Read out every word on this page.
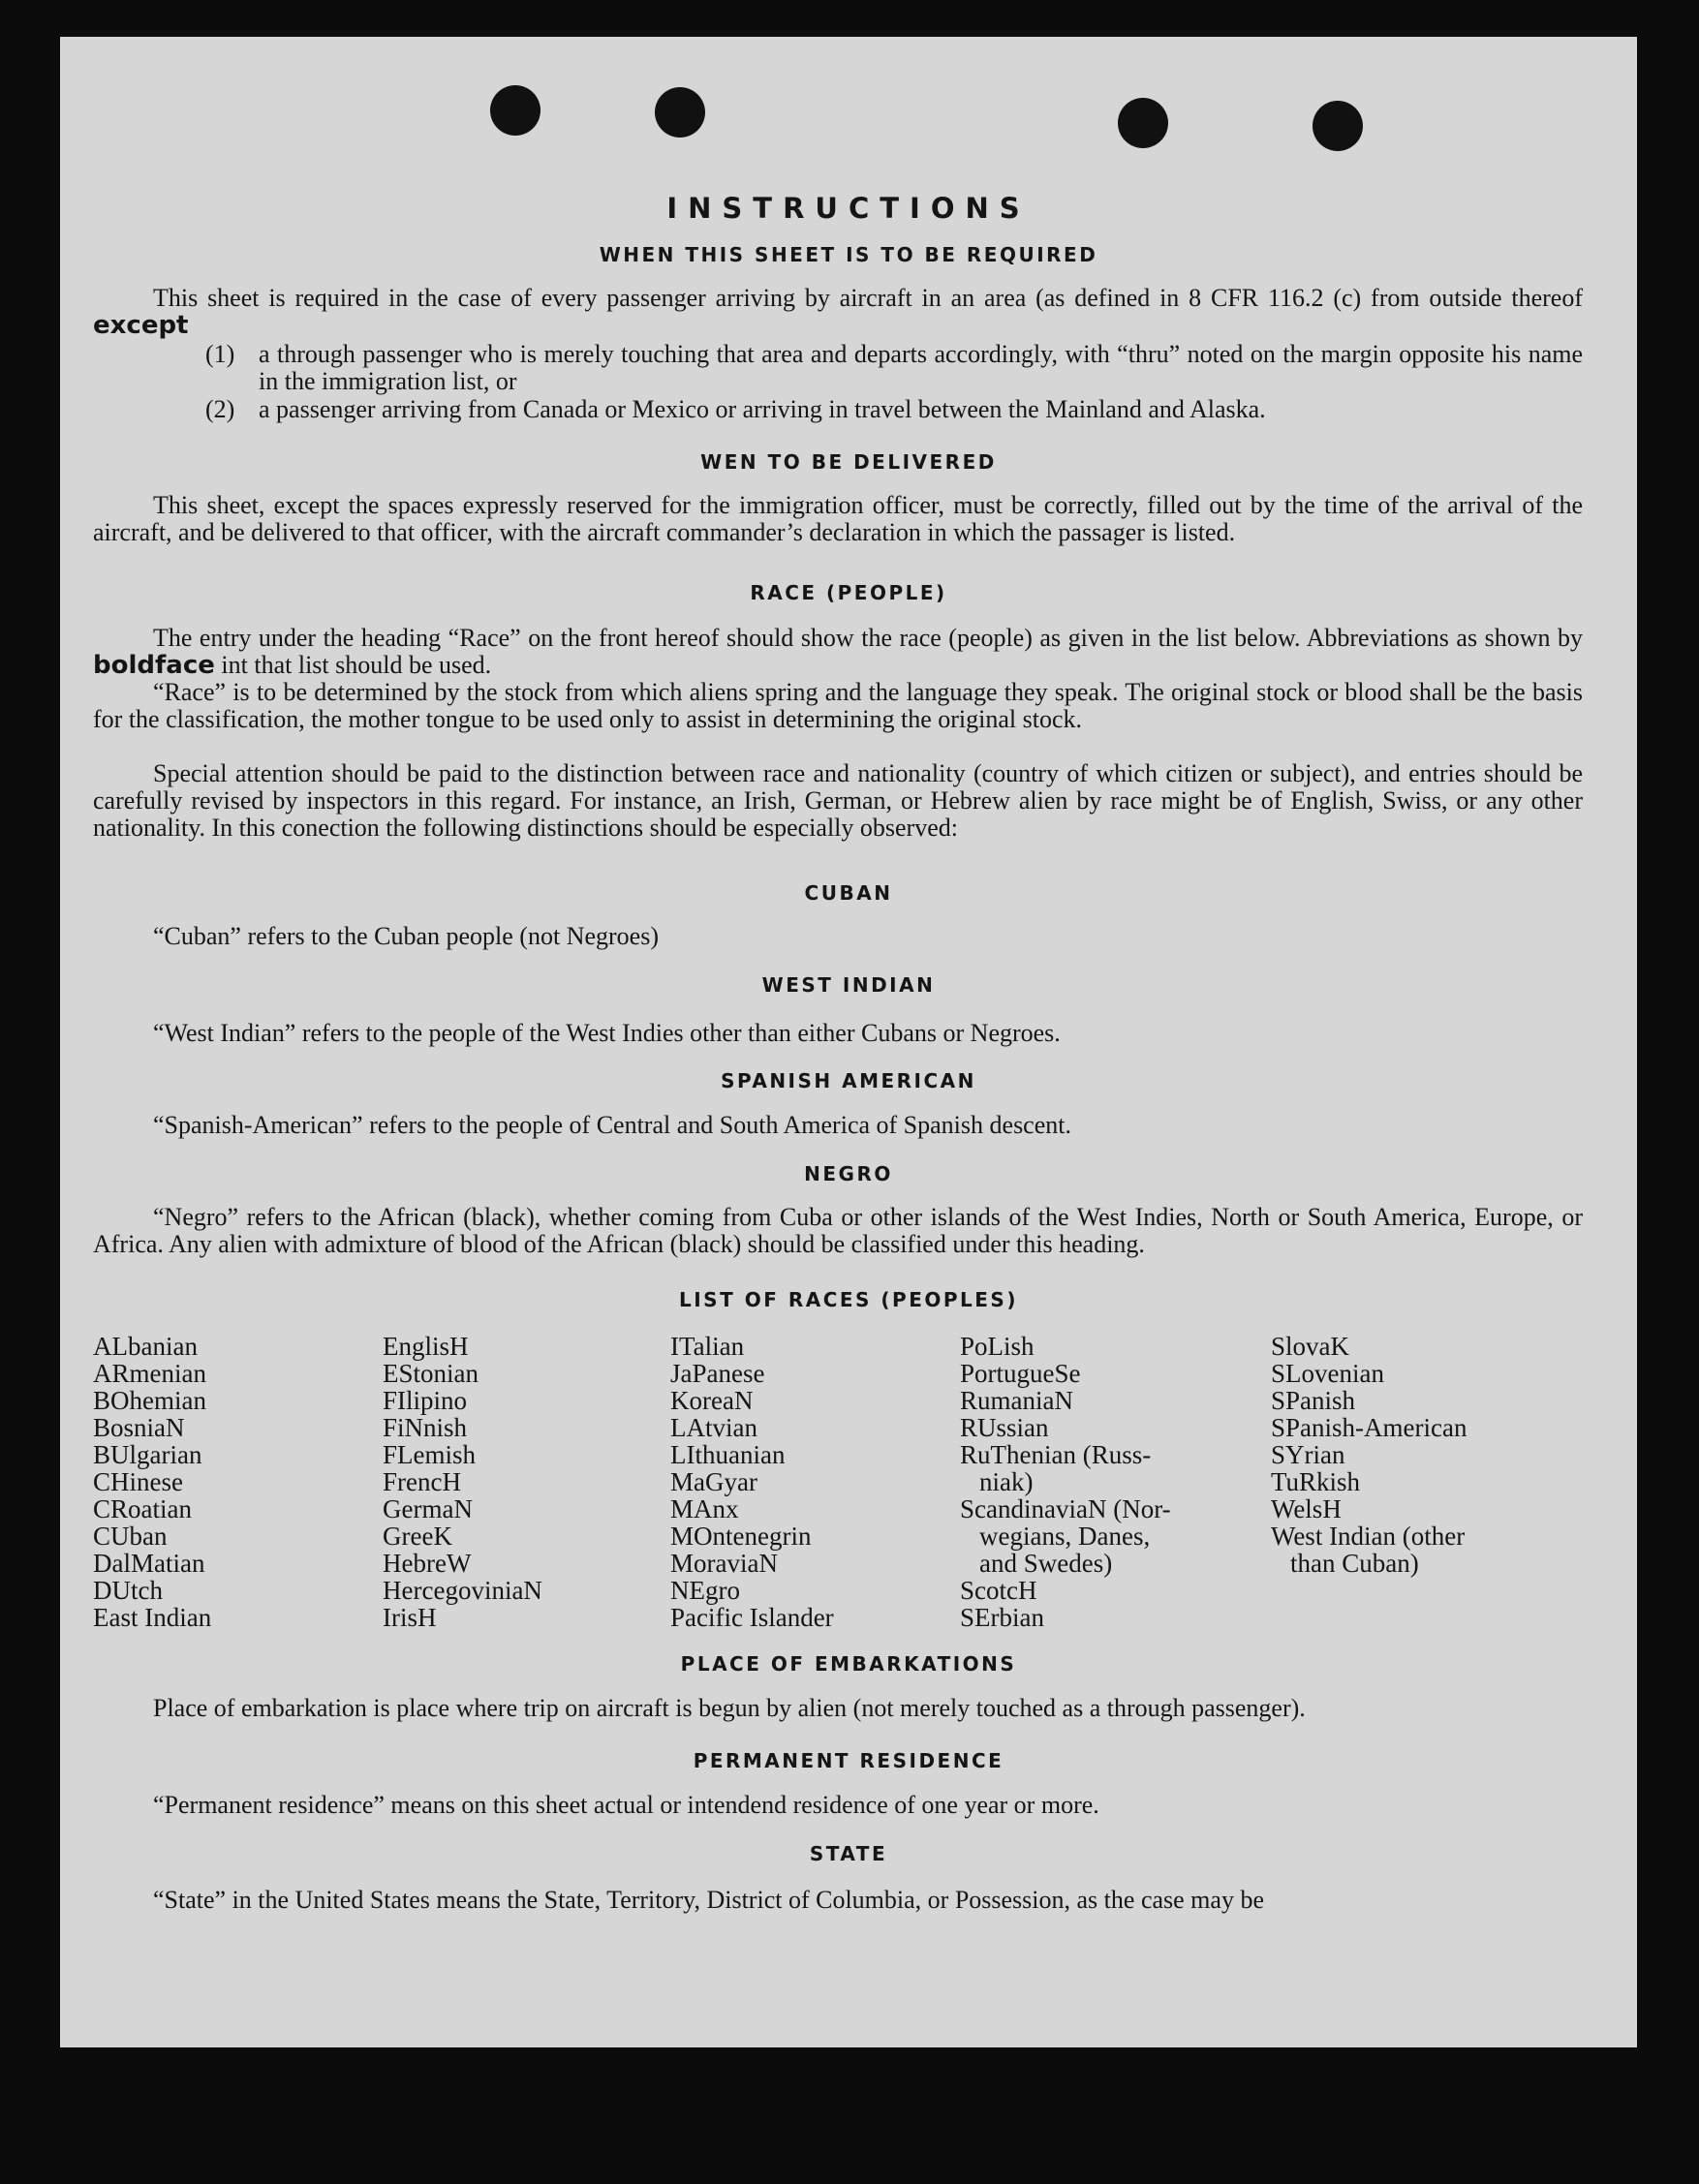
INSTRUCTIONS
WHEN THIS SHEET IS TO BE REQUIRED
This sheet is required in the case of every passenger arriving by aircraft in an area (as defined in 8 CFR 116.2 (c) from outside thereof except
(1) a through passenger who is merely touching that area and departs accordingly, with “thru” noted on the margin opposite his name in the immigration list, or
(2) a passenger arriving from Canada or Mexico or arriving in travel between the Mainland and Alaska.
WEN TO BE DELIVERED
This sheet, except the spaces expressly reserved for the immigration officer, must be correctly, filled out by the time of the arrival of the aircraft, and be delivered to that officer, with the aircraft commander’s declaration in which the passager is listed.
RACE (PEOPLE)
The entry under the heading “Race” on the front hereof should show the race (people) as given in the list below. Abbreviations as shown by boldface int that list should be used.
“Race” is to be determined by the stock from which aliens spring and the language they speak. The original stock or blood shall be the basis for the classification, the mother tongue to be used only to assist in determining the original stock.
Special attention should be paid to the distinction between race and nationality (country of which citizen or subject), and entries should be carefully revised by inspectors in this regard. For instance, an Irish, German, or Hebrew alien by race might be of English, Swiss, or any other nationality. In this conection the following distinctions should be especially observed:
CUBAN
“Cuban” refers to the Cuban people (not Negroes)
WEST INDIAN
“West Indian” refers to the people of the West Indies other than either Cubans or Negroes.
SPANISH AMERICAN
“Spanish-American” refers to the people of Central and South America of Spanish descent.
NEGRO
“Negro” refers to the African (black), whether coming from Cuba or other islands of the West Indies, North or South America, Europe, or Africa. Any alien with admixture of blood of the African (black) should be classified under this heading.
LIST OF RACES (PEOPLES)
ALbanian
ARmenian
BOhemian
BosniaN
BUlgarian
CHinese
CRoatian
CUban
DalMatian
DUtch
East Indian
EnglisH
EStonian
FIlipino
FiNnish
FLemish
FrencH
GermaN
GreeK
HebreW
HercegoviniaN
IrisH
ITalian
JaPanese
KoreaN
LAtvian
LIthuanian
MaGyar
MAnx
MOntenegrin
MoraviaN
NEgro
Pacific Islander
PoLish
PortugueSe
RumaniaN
RUssian
RuThenian (Russ-
niak)
ScandinaviaN (Nor-
wegians, Danes,
and Swedes)
ScotcH
SErbian
SlovaK
SLovenian
SPanish
SPanish-American
SYrian
TuRkish
WelsH
West Indian (other
than Cuban)
PLACE OF EMBARKATIONS
Place of embarkation is place where trip on aircraft is begun by alien (not merely touched as a through passenger).
PERMANENT RESIDENCE
“Permanent residence” means on this sheet actual or intendend residence of one year or more.
STATE
“State” in the United States means the State, Territory, District of Columbia, or Possession, as the case may be
